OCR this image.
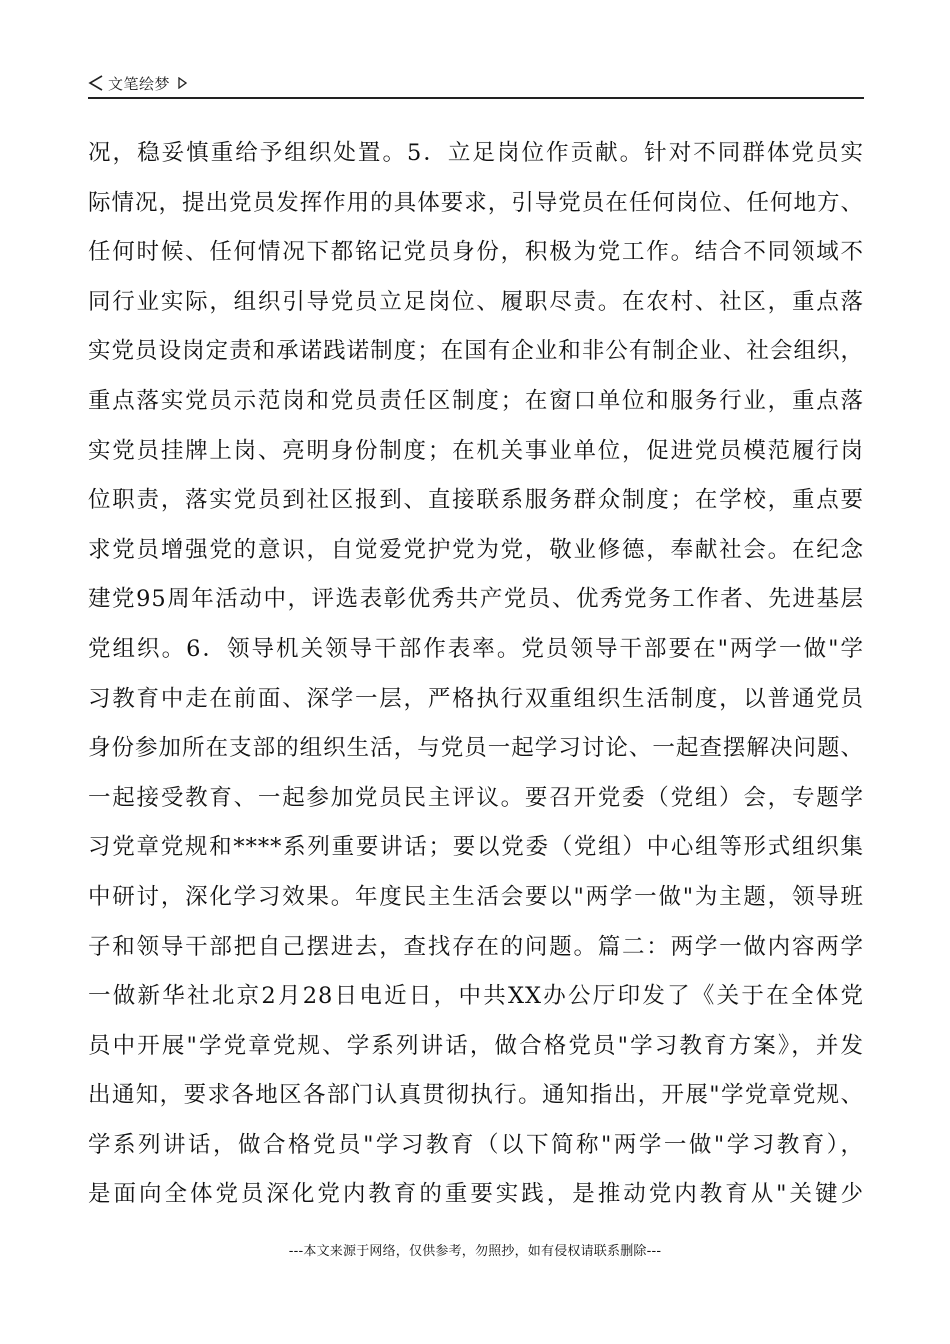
文笔绘梦
况，稳妥慎重给予组织处置。5．立足岗位作贡献。针对不同群体党员实
际情况，提出党员发挥作用的具体要求，引导党员在任何岗位、任何地方、
任何时候、任何情况下都铭记党员身份，积极为党工作。结合不同领域不
同行业实际，组织引导党员立足岗位、履职尽责。在农村、社区，重点落
实党员设岗定责和承诺践诺制度；在国有企业和非公有制企业、社会组织，
重点落实党员示范岗和党员责任区制度；在窗口单位和服务行业，重点落
实党员挂牌上岗、亮明身份制度；在机关事业单位，促进党员模范履行岗
位职责，落实党员到社区报到、直接联系服务群众制度；在学校，重点要
求党员增强党的意识，自觉爱党护党为党，敬业修德，奉献社会。在纪念
建党95周年活动中，评选表彰优秀共产党员、优秀党务工作者、先进基层
党组织。6．领导机关领导干部作表率。党员领导干部要在"两学一做"学
习教育中走在前面、深学一层，严格执行双重组织生活制度，以普通党员
身份参加所在支部的组织生活，与党员一起学习讨论、一起查摆解决问题、
一起接受教育、一起参加党员民主评议。要召开党委（党组）会，专题学
习党章党规和****系列重要讲话；要以党委（党组）中心组等形式组织集
中研讨，深化学习效果。年度民主生活会要以"两学一做"为主题，领导班
子和领导干部把自己摆进去，查找存在的问题。篇二：两学一做内容两学
一做新华社北京2月28日电近日，中共XX办公厅印发了《关于在全体党
员中开展"学党章党规、学系列讲话，做合格党员"学习教育方案》，并发
出通知，要求各地区各部门认真贯彻执行。通知指出，开展"学党章党规、
学系列讲话，做合格党员"学习教育（以下简称"两学一做"学习教育），
是面向全体党员深化党内教育的重要实践，是推动党内教育从"关键少
---本文来源于网络，仅供参考，勿照抄，如有侵权请联系删除---
